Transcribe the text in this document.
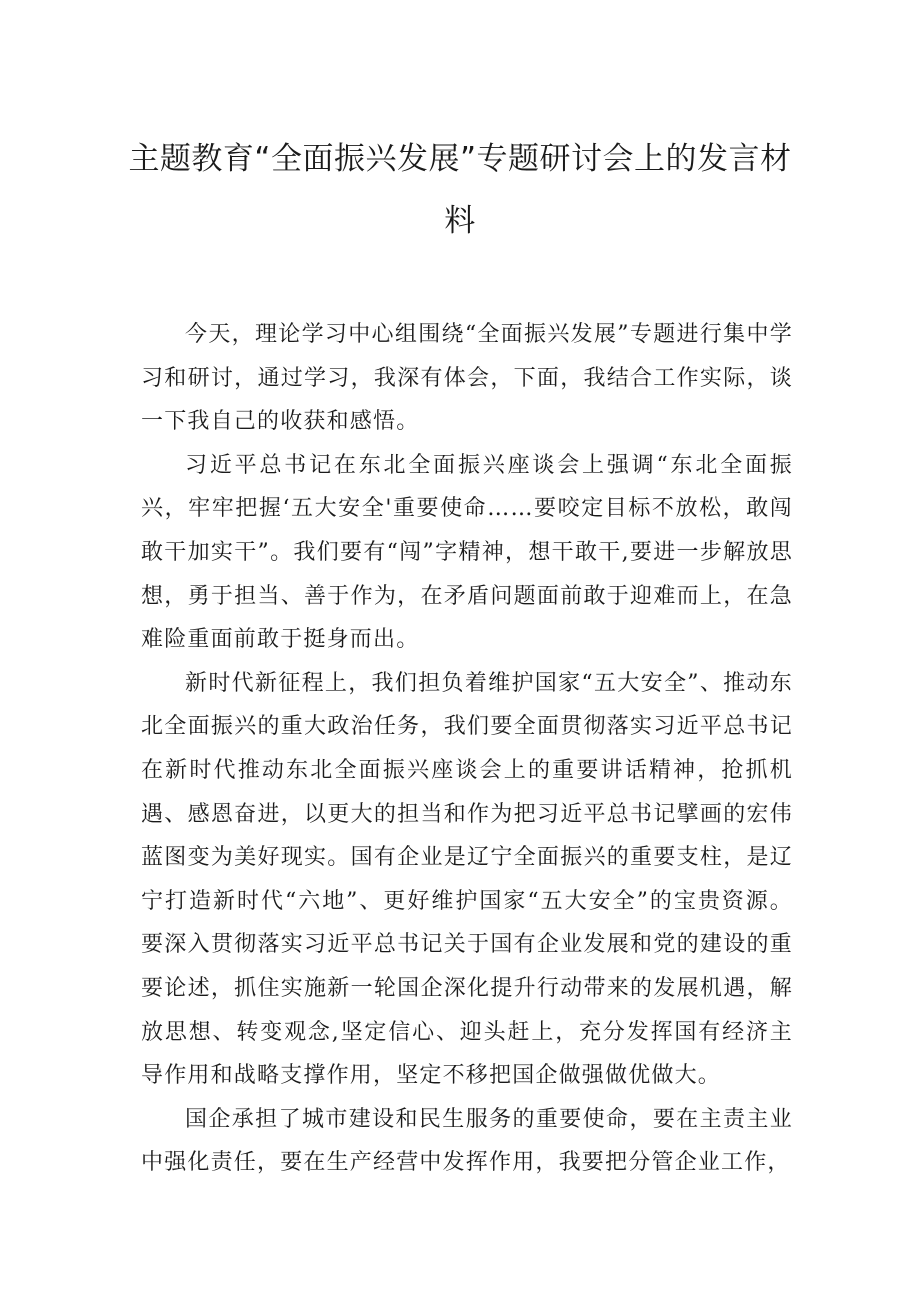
主题教育“全面振兴发展”专题研讨会上的发言材料

今天，理论学习中心组围绕“全面振兴发展”专题进行集中学习和研讨，通过学习，我深有体会，下面，我结合工作实际，谈一下我自己的收获和感悟。

习近平总书记在东北全面振兴座谈会上强调“东北全面振兴，牢牢把握‘五大安全'重要使命……要咬定目标不放松，敢闯敢干加实干”。我们要有“闯”字精神，想干敢干,要进一步解放思想，勇于担当、善于作为，在矛盾问题面前敢于迎难而上，在急难险重面前敢于挺身而出。

新时代新征程上，我们担负着维护国家“五大安全”、推动东北全面振兴的重大政治任务，我们要全面贯彻落实习近平总书记在新时代推动东北全面振兴座谈会上的重要讲话精神，抢抓机遇、感恩奋进，以更大的担当和作为把习近平总书记擘画的宏伟蓝图变为美好现实。国有企业是辽宁全面振兴的重要支柱，是辽宁打造新时代“六地”、更好维护国家“五大安全”的宝贵资源。要深入贯彻落实习近平总书记关于国有企业发展和党的建设的重要论述，抓住实施新一轮国企深化提升行动带来的发展机遇，解放思想、转变观念,坚定信心、迎头赶上，充分发挥国有经济主导作用和战略支撑作用，坚定不移把国企做强做优做大。

国企承担了城市建设和民生服务的重要使命，要在主责主业中强化责任，要在生产经营中发挥作用，我要把分管企业工作，
